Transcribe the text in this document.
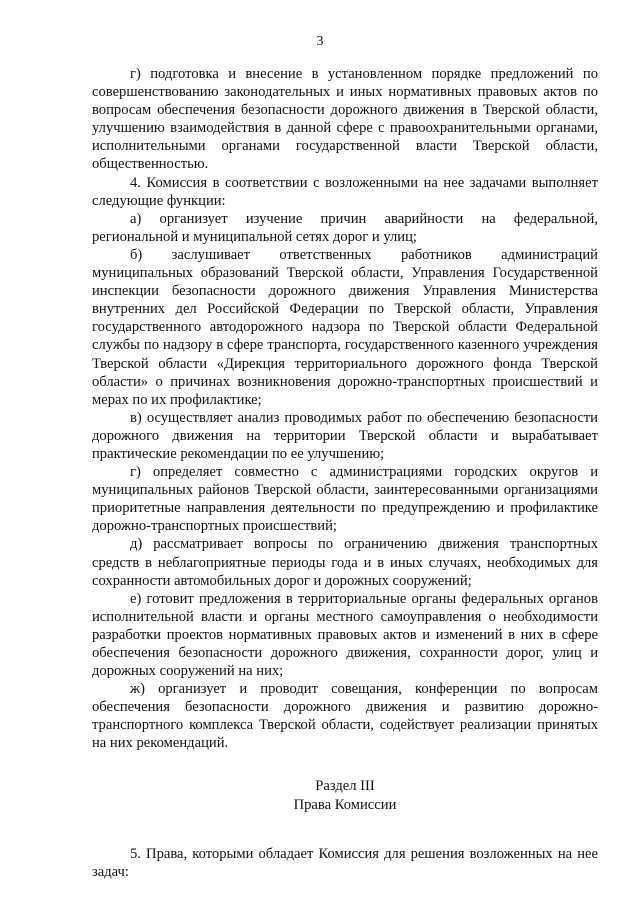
3

г) подготовка и внесение в установленном порядке предложений по совершенствованию законодательных и иных нормативных правовых актов по вопросам обеспечения безопасности дорожного движения в Тверской области, улучшению взаимодействия в данной сфере с правоохранительными органами, исполнительными органами государственной власти Тверской области, общественностью.

4. Комиссия в соответствии с возложенными на нее задачами выполняет следующие функции:

а) организует изучение причин аварийности на федеральной, региональной и муниципальной сетях дорог и улиц;

б) заслушивает ответственных работников администраций муниципальных образований Тверской области, Управления Государственной инспекции безопасности дорожного движения Управления Министерства внутренних дел Российской Федерации по Тверской области, Управления государственного автодорожного надзора по Тверской области Федеральной службы по надзору в сфере транспорта, государственного казенного учреждения Тверской области «Дирекция территориального дорожного фонда Тверской области» о причинах возникновения дорожно-транспортных происшествий и мерах по их профилактике;

в) осуществляет анализ проводимых работ по обеспечению безопасности дорожного движения на территории Тверской области и вырабатывает практические рекомендации по ее улучшению;

г) определяет совместно с администрациями городских округов и муниципальных районов Тверской области, заинтересованными организациями приоритетные направления деятельности по предупреждению и профилактике дорожно-транспортных происшествий;

д) рассматривает вопросы по ограничению движения транспортных средств в неблагоприятные периоды года и в иных случаях, необходимых для сохранности автомобильных дорог и дорожных сооружений;

е) готовит предложения в территориальные органы федеральных органов исполнительной власти и органы местного самоуправления о необходимости разработки проектов нормативных правовых актов и изменений в них в сфере обеспечения безопасности дорожного движения, сохранности дорог, улиц и дорожных сооружений на них;

ж) организует и проводит совещания, конференции по вопросам обеспечения безопасности дорожного движения и развитию дорожно-транспортного комплекса Тверской области, содействует реализации принятых на них рекомендаций.

Раздел III
Права Комиссии

5. Права, которыми обладает Комиссия для решения возложенных на нее задач:
